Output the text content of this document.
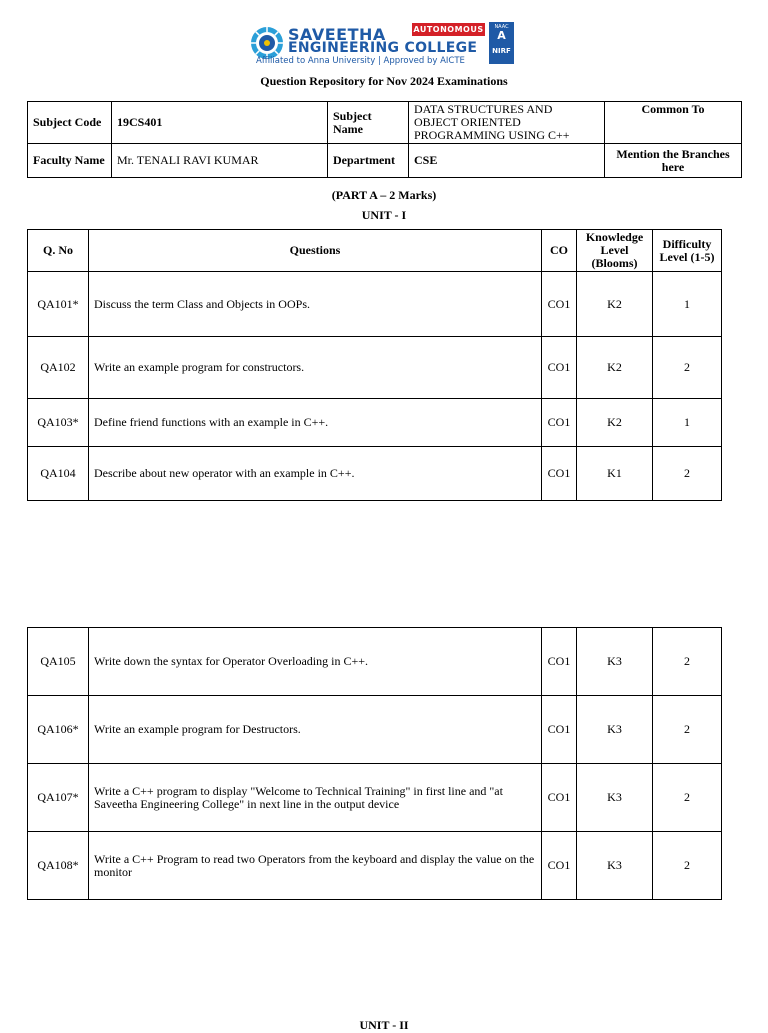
SAVEETHA
ENGINEERING COLLEGE
AUTONOMOUS
Affiliated to Anna University | Approved by AICTE
NAAC
A
NIRF
Question Repository for Nov 2024 Examinations
Subject Code	19CS401	Subject Name	DATA STRUCTURES AND OBJECT ORIENTED PROGRAMMING USING C++	Common To
Faculty Name	Mr. TENALI RAVI KUMAR	Department	CSE	Mention the Branches here
(PART A – 2 Marks)
UNIT - I
Q. No	Questions	CO	Knowledge Level (Blooms)	Difficulty Level (1-5)
QA101*	Discuss the term Class and Objects in OOPs.	CO1	K2	1
QA102	Write an example program for constructors.	CO1	K2	2
QA103*	Define friend functions with an example in C++.	CO1	K2	1
QA104	Describe about new operator with an example in C++.	CO1	K1	2
QA105	Write down the syntax for Operator Overloading in C++.	CO1	K3	2
QA106*	Write an example program for Destructors.	CO1	K3	2
QA107*	Write a C++ program to display "Welcome to Technical Training" in first line and "at Saveetha Engineering College" in next line in the output device	CO1	K3	2
QA108*	Write a C++ Program to read two Operators from the keyboard and display the value on the monitor	CO1	K3	2
UNIT - II
